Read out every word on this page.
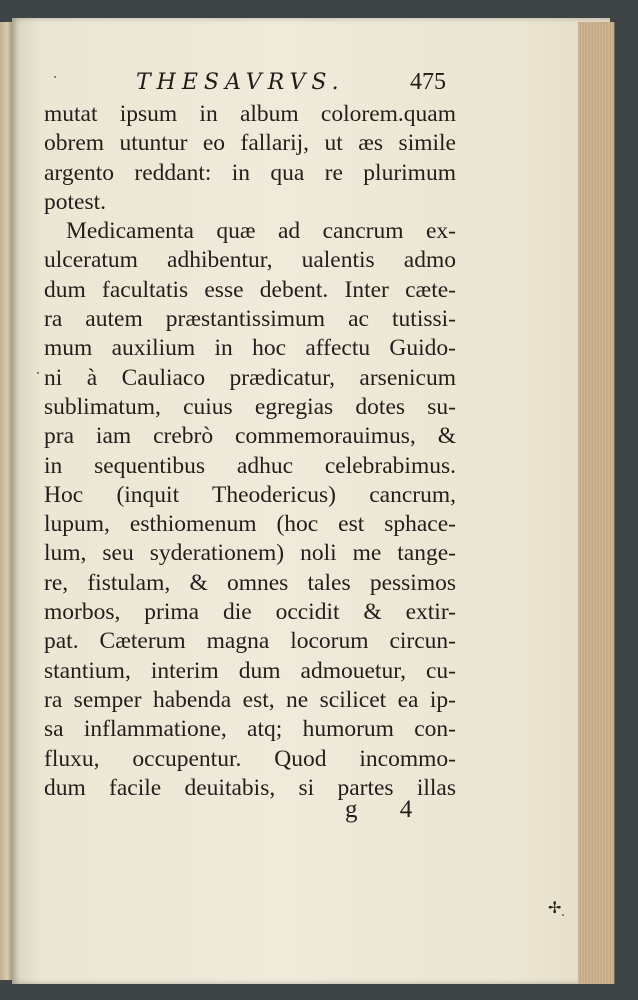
THESAVRVS.	475
mutat ipsum in album colorem.quam
obrem utuntur eo fallarij, ut æs simile
argento reddant: in qua re plurimum
potest.
Medicamenta quæ ad cancrum ex-
ulceratum adhibentur, ualentis admo
dum facultatis esse debent. Inter cæte-
ra autem præstantissimum ac tutissi-
mum auxilium in hoc affectu Guido-
ni à Cauliaco prædicatur, arsenicum
sublimatum, cuius egregias dotes su-
pra iam crebrò commemorauimus, &
in sequentibus adhuc celebrabimus.
Hoc (inquit Theodericus) cancrum,
lupum, esthiomenum (hoc est sphace-
lum, seu syderationem) noli me tange-
re, fistulam, & omnes tales pessimos
morbos, prima die occidit & extir-
pat. Cæterum magna locorum circun-
stantium, interim dum admouetur, cu-
ra semper habenda est, ne scilicet ea ip-
sa inflammatione, atq; humorum con-
fluxu, occupentur. Quod incommo-
dum facile deuitabis, si partes illas
g 4
✢
